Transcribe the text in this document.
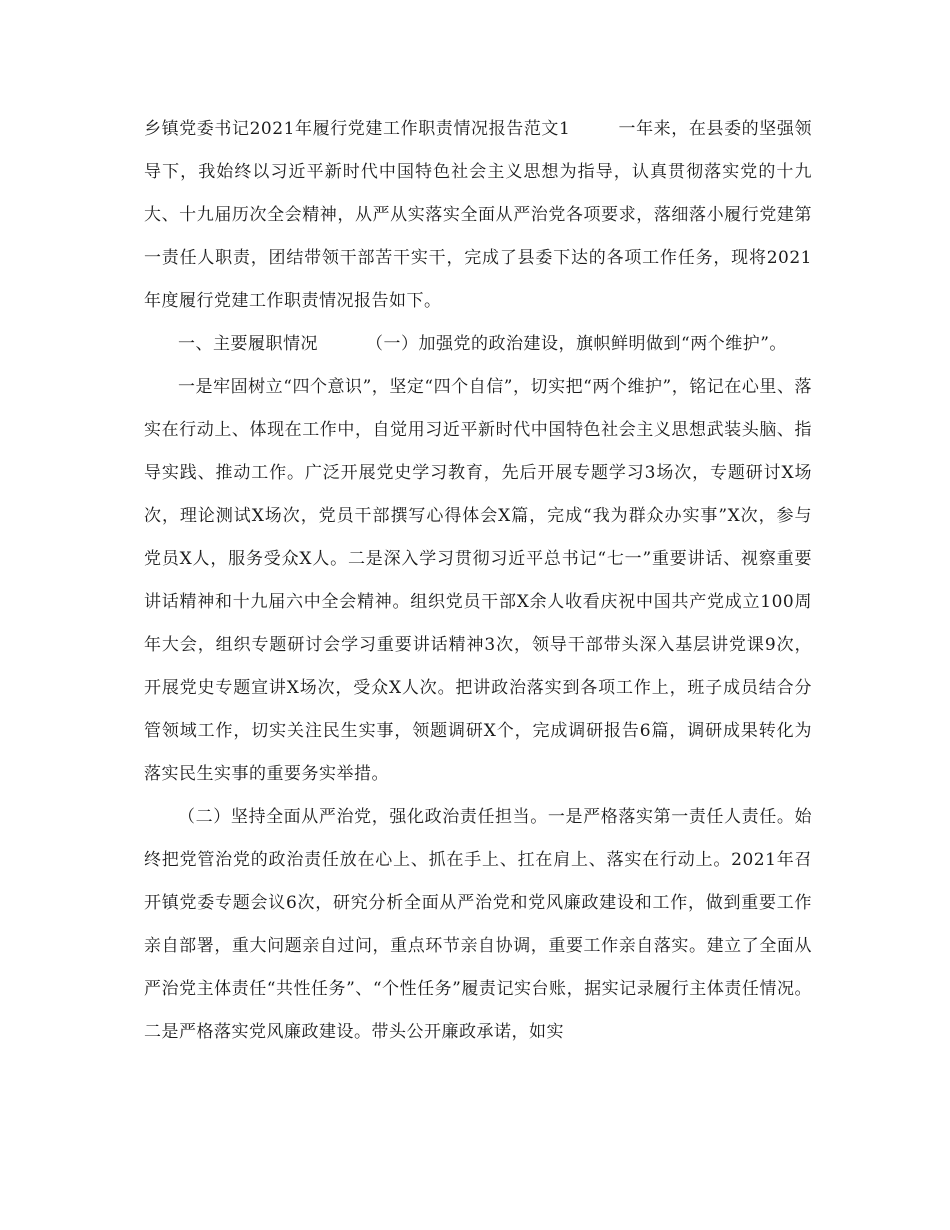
乡镇党委书记2021年履行党建工作职责情况报告范文1	一年来，在县委的坚强领导下，我始终以习近平新时代中国特色社会主义思想为指导，认真贯彻落实党的十九大、十九届历次全会精神，从严从实落实全面从严治党各项要求，落细落小履行党建第一责任人职责，团结带领干部苦干实干，完成了县委下达的各项工作任务，现将2021年度履行党建工作职责情况报告如下。

一、主要履职情况	（一）加强党的政治建设，旗帜鲜明做到“两个维护”。

一是牢固树立“四个意识”，坚定“四个自信”，切实把“两个维护”，铭记在心里、落实在行动上、体现在工作中，自觉用习近平新时代中国特色社会主义思想武装头脑、指导实践、推动工作。广泛开展党史学习教育，先后开展专题学习3场次，专题研讨X场次，理论测试X场次，党员干部撰写心得体会X篇，完成“我为群众办实事”X次，参与党员X人，服务受众X人。二是深入学习贯彻习近平总书记“七一”重要讲话、视察重要讲话精神和十九届六中全会精神。组织党员干部X余人收看庆祝中国共产党成立100周年大会，组织专题研讨会学习重要讲话精神3次，领导干部带头深入基层讲党课9次，开展党史专题宣讲X场次，受众X人次。把讲政治落实到各项工作上，班子成员结合分管领域工作，切实关注民生实事，领题调研X个，完成调研报告6篇，调研成果转化为落实民生实事的重要务实举措。

（二）坚持全面从严治党，强化政治责任担当。一是严格落实第一责任人责任。始终把党管治党的政治责任放在心上、抓在手上、扛在肩上、落实在行动上。2021年召开镇党委专题会议6次，研究分析全面从严治党和党风廉政建设和工作，做到重要工作亲自部署，重大问题亲自过问，重点环节亲自协调，重要工作亲自落实。建立了全面从严治党主体责任“共性任务”、“个性任务”履责记实台账，据实记录履行主体责任情况。二是严格落实党风廉政建设。带头公开廉政承诺，如实
